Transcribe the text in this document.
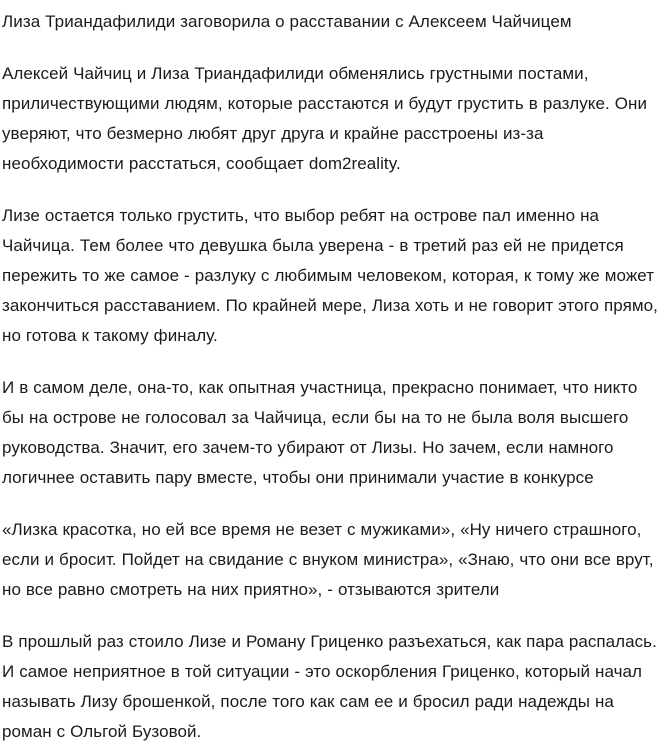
Лиза Триандафилиди заговорила о расставании с Алексеем Чайчицем

Алексей Чайчиц и Лиза Триандафилиди обменялись грустными постами, приличествующими людям, которые расстаются и будут грустить в разлуке. Они уверяют, что безмерно любят друг друга и крайне расстроены из-за необходимости расстаться, сообщает dom2reality.

Лизе остается только грустить, что выбор ребят на острове пал именно на Чайчица. Тем более что девушка была уверена - в третий раз ей не придется пережить то же самое - разлуку с любимым человеком, которая, к тому же может закончиться расставанием. По крайней мере, Лиза хоть и не говорит этого прямо, но готова к такому финалу.

И в самом деле, она-то, как опытная участница, прекрасно понимает, что никто бы на острове не голосовал за Чайчица, если бы на то не была воля высшего руководства. Значит, его зачем-то убирают от Лизы. Но зачем, если намного логичнее оставить пару вместе, чтобы они принимали участие в конкурсе

«Лизка красотка, но ей все время не везет с мужиками», «Ну ничего страшного, если и бросит. Пойдет на свидание с внуком министра», «Знаю, что они все врут, но все равно смотреть на них приятно», - отзываются зрители

В прошлый раз стоило Лизе и Роману Гриценко разъехаться, как пара распалась. И самое неприятное в той ситуации - это оскорбления Гриценко, который начал называть Лизу брошенкой, после того как сам ее и бросил ради надежды на роман с Ольгой Бузовой.
